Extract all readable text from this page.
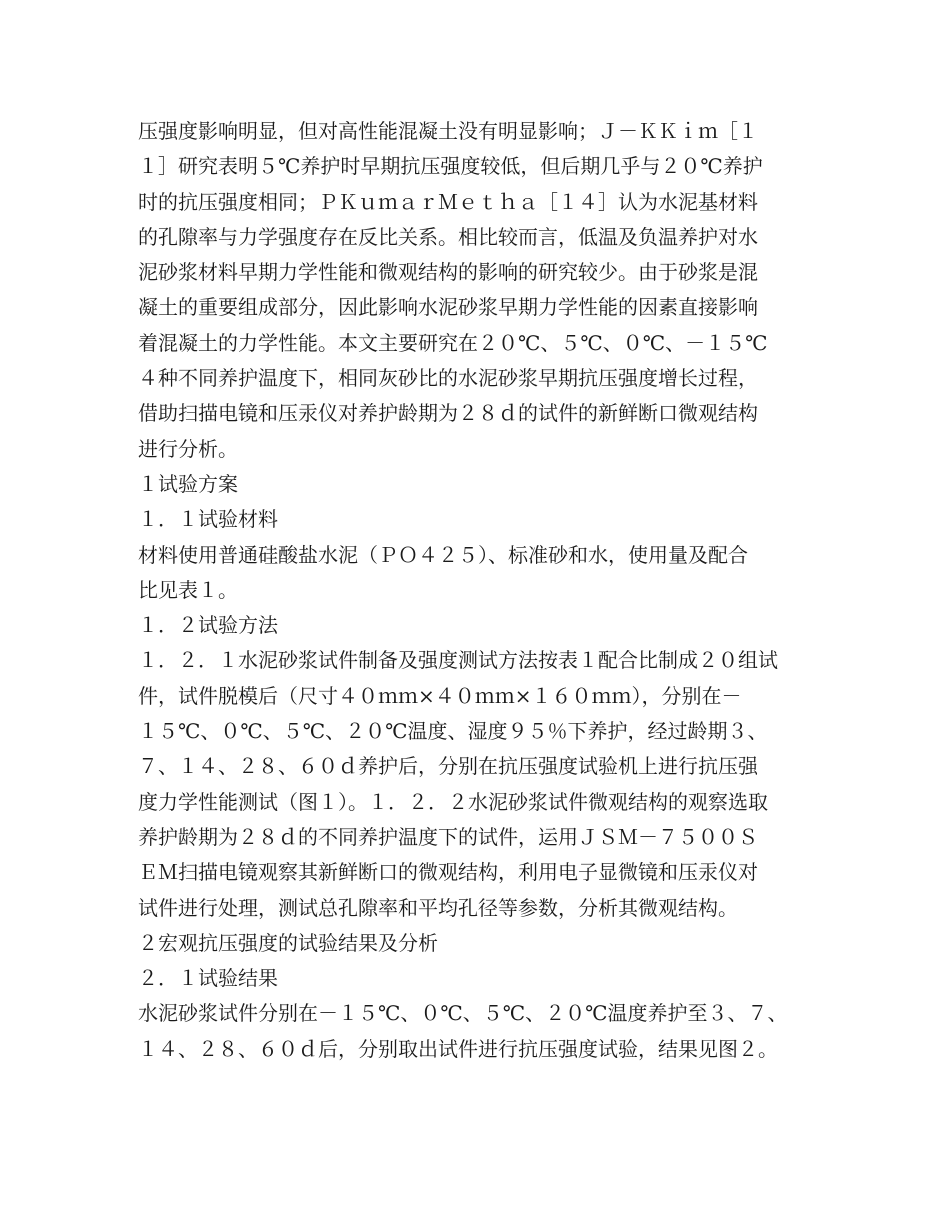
压强度影响明显，但对高性能混凝土没有明显影响；Ｊ－ＫＫｉｍ［１
１］研究表明５℃养护时早期抗压强度较低，但后期几乎与２０℃养护
时的抗压强度相同；ＰＫｕｍａｒＭｅｔｈａ［１４］认为水泥基材料
的孔隙率与力学强度存在反比关系。相比较而言，低温及负温养护对水
泥砂浆材料早期力学性能和微观结构的影响的研究较少。由于砂浆是混
凝土的重要组成部分，因此影响水泥砂浆早期力学性能的因素直接影响
着混凝土的力学性能。本文主要研究在２０℃、５℃、０℃、－１５℃
４种不同养护温度下，相同灰砂比的水泥砂浆早期抗压强度增长过程，
借助扫描电镜和压汞仪对养护龄期为２８ｄ的试件的新鲜断口微观结构
进行分析。
１试验方案
１．１试验材料
材料使用普通硅酸盐水泥（ＰＯ４２５）、标准砂和水，使用量及配合
比见表１。
１．２试验方法
１．２．１水泥砂浆试件制备及强度测试方法按表１配合比制成２０组试
件，试件脱模后（尺寸４０ｍｍ×４０ｍｍ×１６０ｍｍ），分别在－
１５℃、０℃、５℃、２０℃温度、湿度９５％下养护，经过龄期３、
７、１４、２８、６０ｄ养护后，分别在抗压强度试验机上进行抗压强
度力学性能测试（图１）。１．２．２水泥砂浆试件微观结构的观察选取
养护龄期为２８ｄ的不同养护温度下的试件，运用ＪＳＭ－７５００Ｓ
ＥＭ扫描电镜观察其新鲜断口的微观结构，利用电子显微镜和压汞仪对
试件进行处理，测试总孔隙率和平均孔径等参数，分析其微观结构。
２宏观抗压强度的试验结果及分析
２．１试验结果
水泥砂浆试件分别在－１５℃、０℃、５℃、２０℃温度养护至３、７、
１４、２８、６０ｄ后，分别取出试件进行抗压强度试验，结果见图２。
